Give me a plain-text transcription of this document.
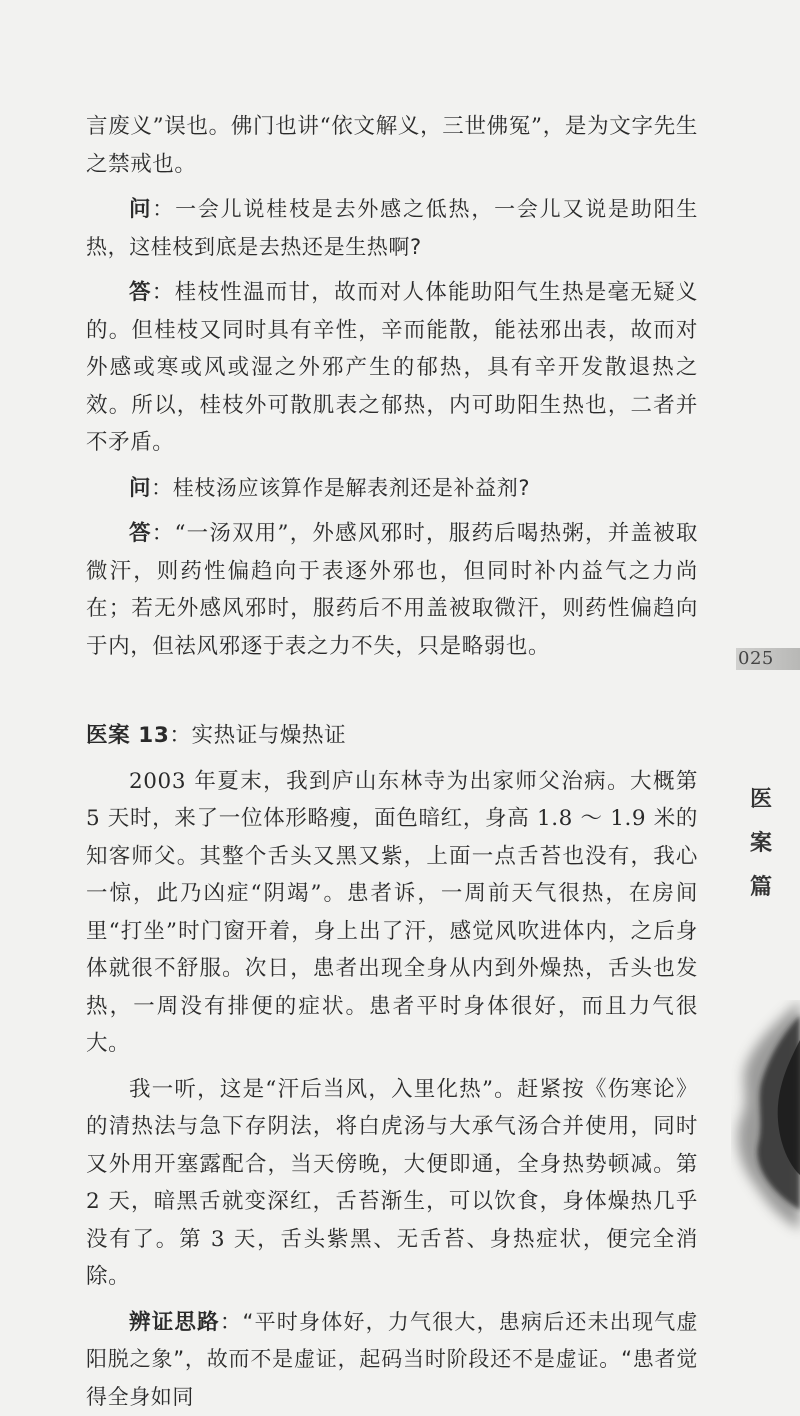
言废义”误也。佛门也讲“依文解义，三世佛冤”，是为文字先生之禁戒也。

问：一会儿说桂枝是去外感之低热，一会儿又说是助阳生热，这桂枝到底是去热还是生热啊?

答：桂枝性温而甘，故而对人体能助阳气生热是毫无疑义的。但桂枝又同时具有辛性，辛而能散，能祛邪出表，故而对外感或寒或风或湿之外邪产生的郁热，具有辛开发散退热之效。所以，桂枝外可散肌表之郁热，内可助阳生热也，二者并不矛盾。

问：桂枝汤应该算作是解表剂还是补益剂?

答：“一汤双用”，外感风邪时，服药后喝热粥，并盖被取微汗，则药性偏趋向于表逐外邪也，但同时补内益气之力尚在；若无外感风邪时，服药后不用盖被取微汗，则药性偏趋向于内，但祛风邪逐于表之力不失，只是略弱也。

医案 13：实热证与燥热证

2003 年夏末，我到庐山东林寺为出家师父治病。大概第 5 天时，来了一位体形略瘦，面色暗红，身高 1.8 ～ 1.9 米的知客师父。其整个舌头又黑又紫，上面一点舌苔也没有，我心一惊，此乃凶症“阴竭”。患者诉，一周前天气很热，在房间里“打坐”时门窗开着，身上出了汗，感觉风吹进体内，之后身体就很不舒服。次日，患者出现全身从内到外燥热，舌头也发热，一周没有排便的症状。患者平时身体很好，而且力气很大。

我一听，这是“汗后当风，入里化热”。赶紧按《伤寒论》的清热法与急下存阴法，将白虎汤与大承气汤合并使用，同时又外用开塞露配合，当天傍晚，大便即通，全身热势顿减。第 2 天，暗黑舌就变深红，舌苔渐生，可以饮食，身体燥热几乎没有了。第 3 天，舌头紫黑、无舌苔、身热症状，便完全消除。

辨证思路：“平时身体好，力气很大，患病后还未出现气虚阳脱之象”，故而不是虚证，起码当时阶段还不是虚证。“患者觉得全身如同

025
医
案
篇
